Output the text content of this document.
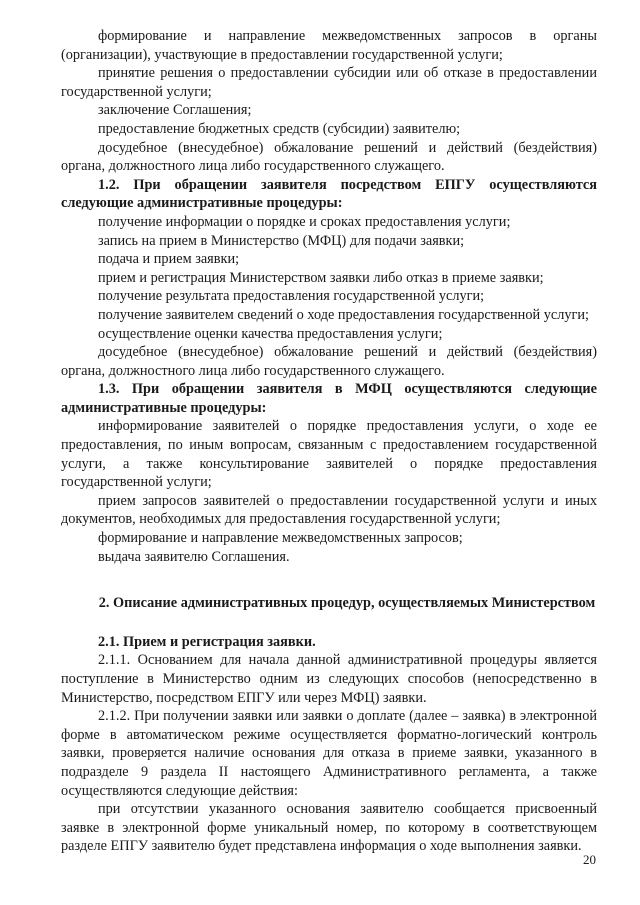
формирование и направление межведомственных запросов в органы (организации), участвующие в предоставлении государственной услуги;

принятие решения о предоставлении субсидии или об отказе в предоставлении государственной услуги;

заключение Соглашения;

предоставление бюджетных средств (субсидии) заявителю;

досудебное (внесудебное) обжалование решений и действий (бездействия) органа, должностного лица либо государственного служащего.

1.2. При обращении заявителя посредством ЕПГУ осуществляются следующие административные процедуры:

получение информации о порядке и сроках предоставления услуги;

запись на прием в Министерство (МФЦ) для подачи заявки;

подача и прием заявки;

прием и регистрация Министерством заявки либо отказ в приеме заявки;

получение результата предоставления государственной услуги;

получение заявителем сведений о ходе предоставления государственной услуги;

осуществление оценки качества предоставления услуги;

досудебное (внесудебное) обжалование решений и действий (бездействия) органа, должностного лица либо государственного служащего.

1.3. При обращении заявителя в МФЦ осуществляются следующие административные процедуры:

информирование заявителей о порядке предоставления услуги, о ходе ее предоставления, по иным вопросам, связанным с предоставлением государственной услуги, а также консультирование заявителей о порядке предоставления государственной услуги;

прием запросов заявителей о предоставлении государственной услуги и иных документов, необходимых для предоставления государственной услуги;

формирование и направление межведомственных запросов;

выдача заявителю Соглашения.

2. Описание административных процедур, осуществляемых Министерством

2.1. Прием и регистрация заявки.

2.1.1. Основанием для начала данной административной процедуры является поступление в Министерство одним из следующих способов (непосредственно в Министерство, посредством ЕПГУ или через МФЦ) заявки.

2.1.2. При получении заявки или заявки о доплате (далее – заявка) в электронной форме в автоматическом режиме осуществляется форматно-логический контроль заявки, проверяется наличие основания для отказа в приеме заявки, указанного в подразделе 9 раздела II настоящего Административного регламента, а также осуществляются следующие действия:

при отсутствии указанного основания заявителю сообщается присвоенный заявке в электронной форме уникальный номер, по которому в соответствующем разделе ЕПГУ заявителю будет представлена информация о ходе выполнения заявки.

20
